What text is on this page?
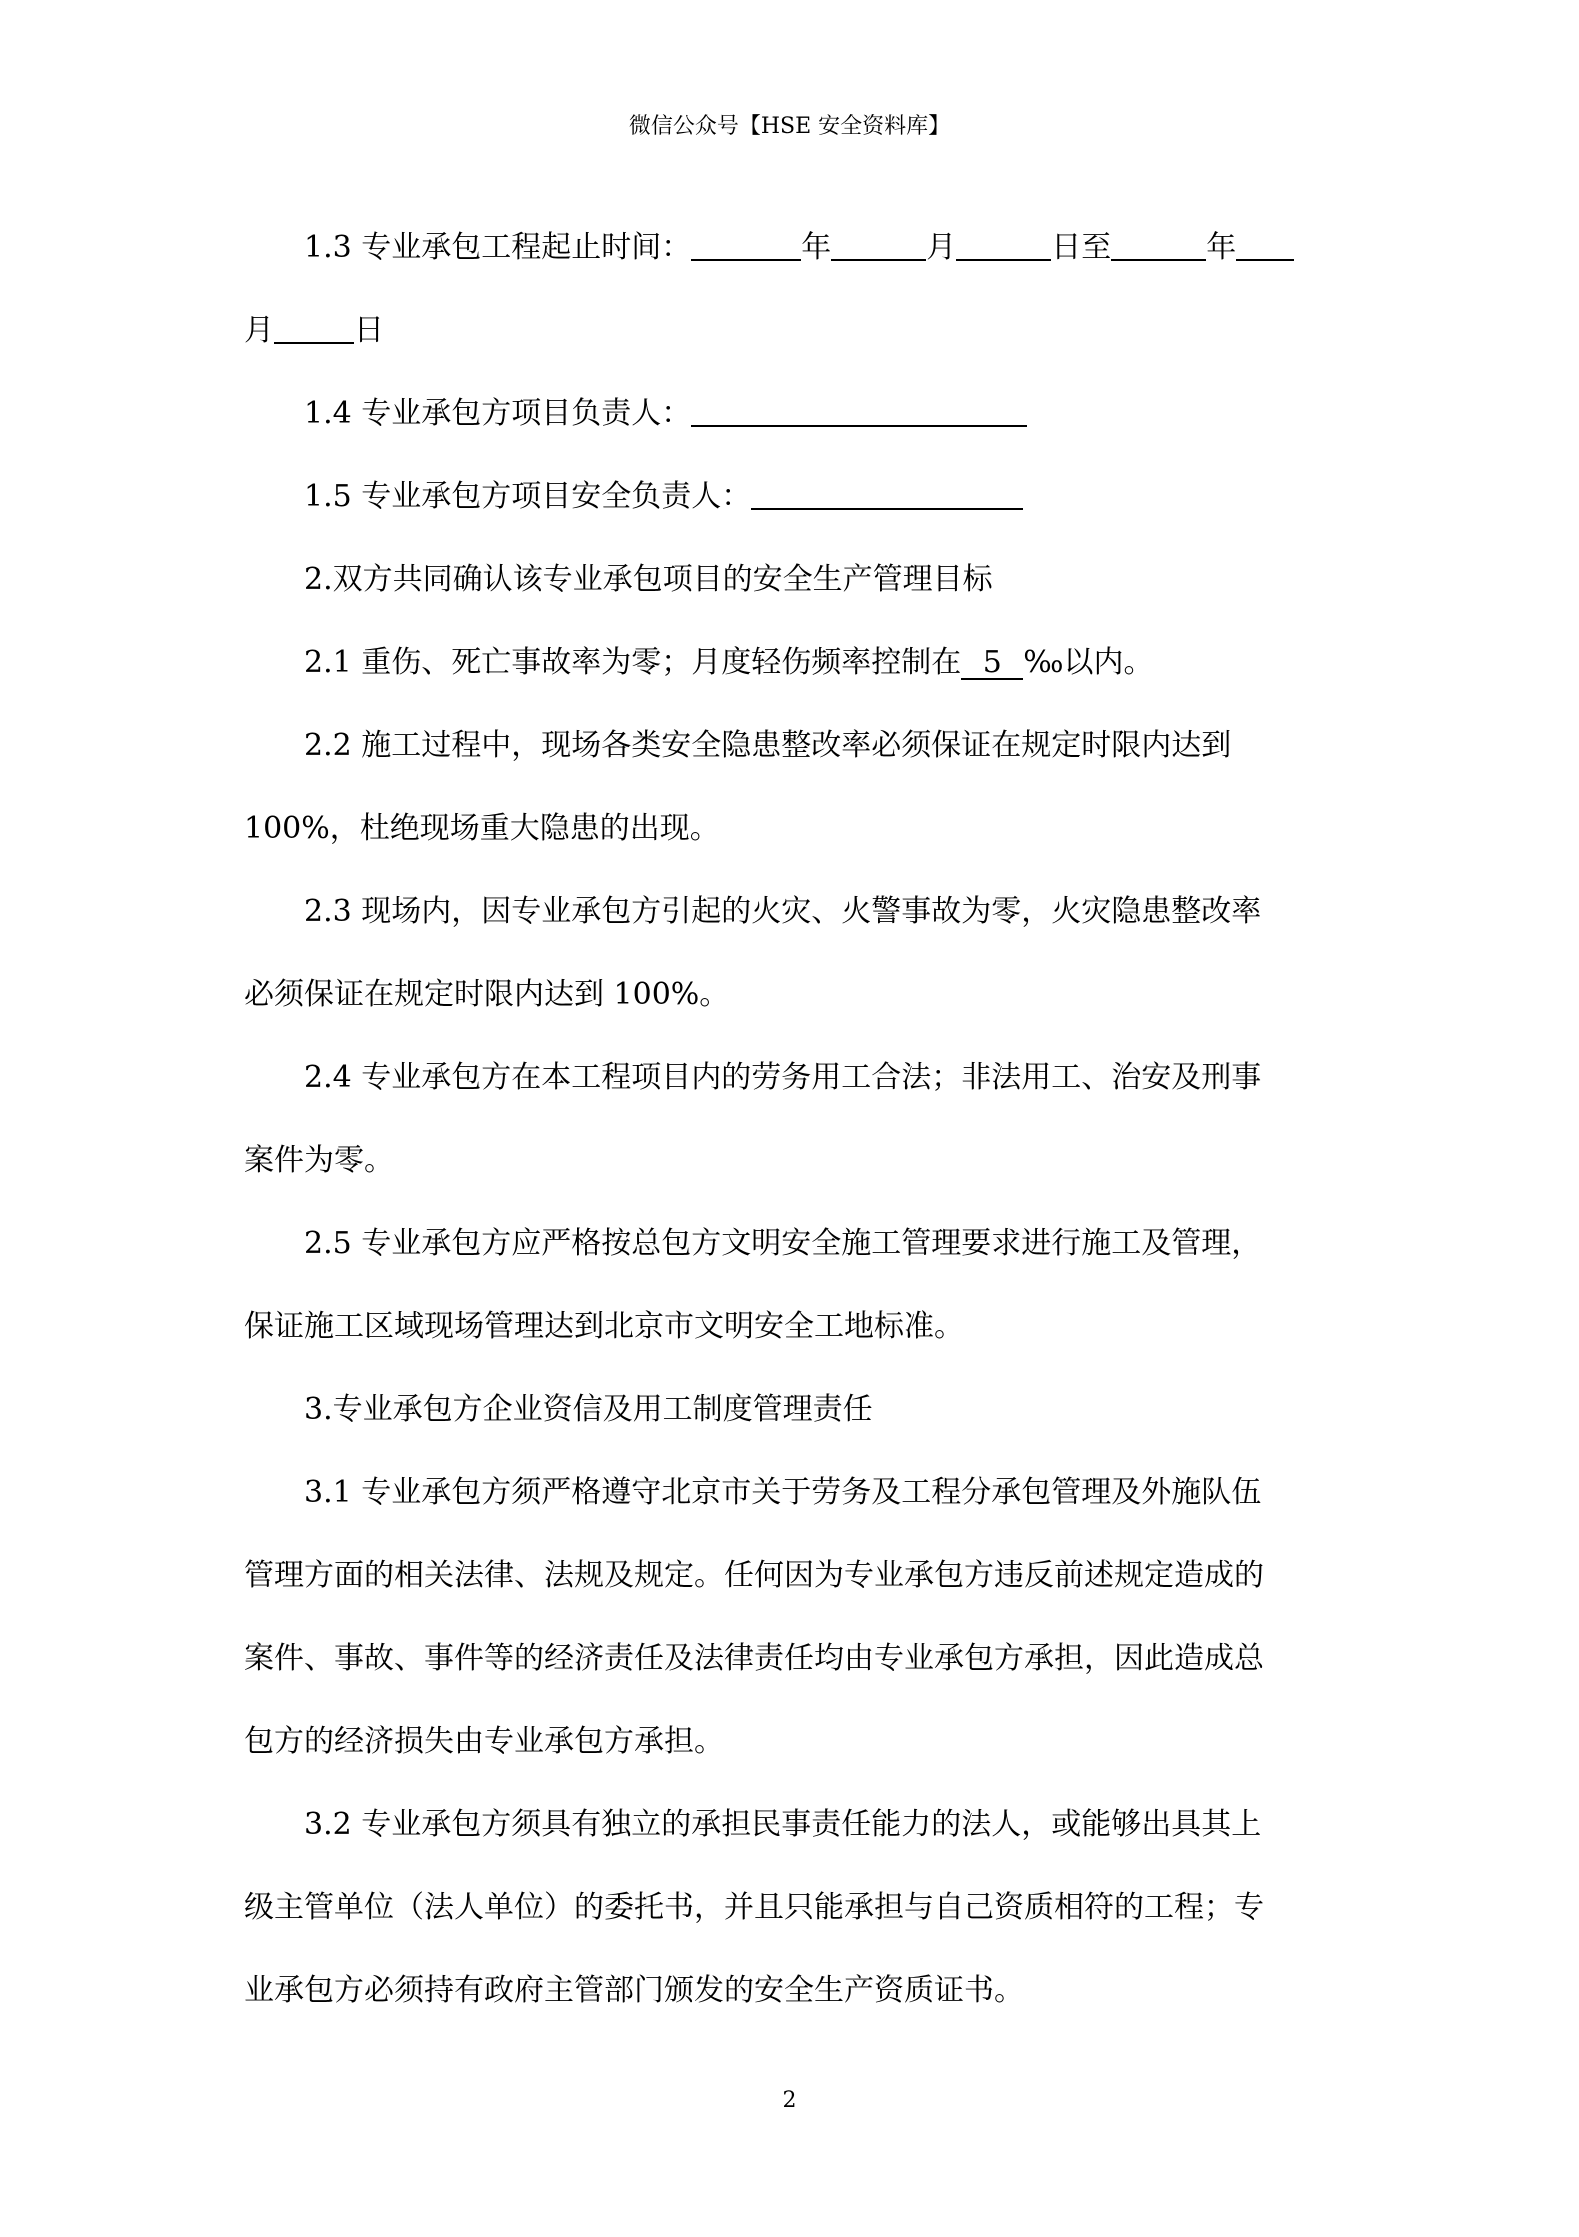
微信公众号【HSE 安全资料库】

1.3 专业承包工程起止时间：	年	月	日至	年

月	日

1.4 专业承包方项目负责人：

1.5 专业承包方项目安全负责人：

2.双方共同确认该专业承包项目的安全生产管理目标

2.1 重伤、死亡事故率为零；月度轻伤频率控制在 5 ‰以内。

2.2 施工过程中，现场各类安全隐患整改率必须保证在规定时限内达到

100%，杜绝现场重大隐患的出现。

2.3 现场内，因专业承包方引起的火灾、火警事故为零，火灾隐患整改率

必须保证在规定时限内达到 100%。

2.4 专业承包方在本工程项目内的劳务用工合法；非法用工、治安及刑事

案件为零。

2.5 专业承包方应严格按总包方文明安全施工管理要求进行施工及管理，

保证施工区域现场管理达到北京市文明安全工地标准。

3.专业承包方企业资信及用工制度管理责任

3.1 专业承包方须严格遵守北京市关于劳务及工程分承包管理及外施队伍

管理方面的相关法律、法规及规定。任何因为专业承包方违反前述规定造成的

案件、事故、事件等的经济责任及法律责任均由专业承包方承担，因此造成总

包方的经济损失由专业承包方承担。

3.2 专业承包方须具有独立的承担民事责任能力的法人，或能够出具其上

级主管单位（法人单位）的委托书，并且只能承担与自己资质相符的工程；专

业承包方必须持有政府主管部门颁发的安全生产资质证书。

2
